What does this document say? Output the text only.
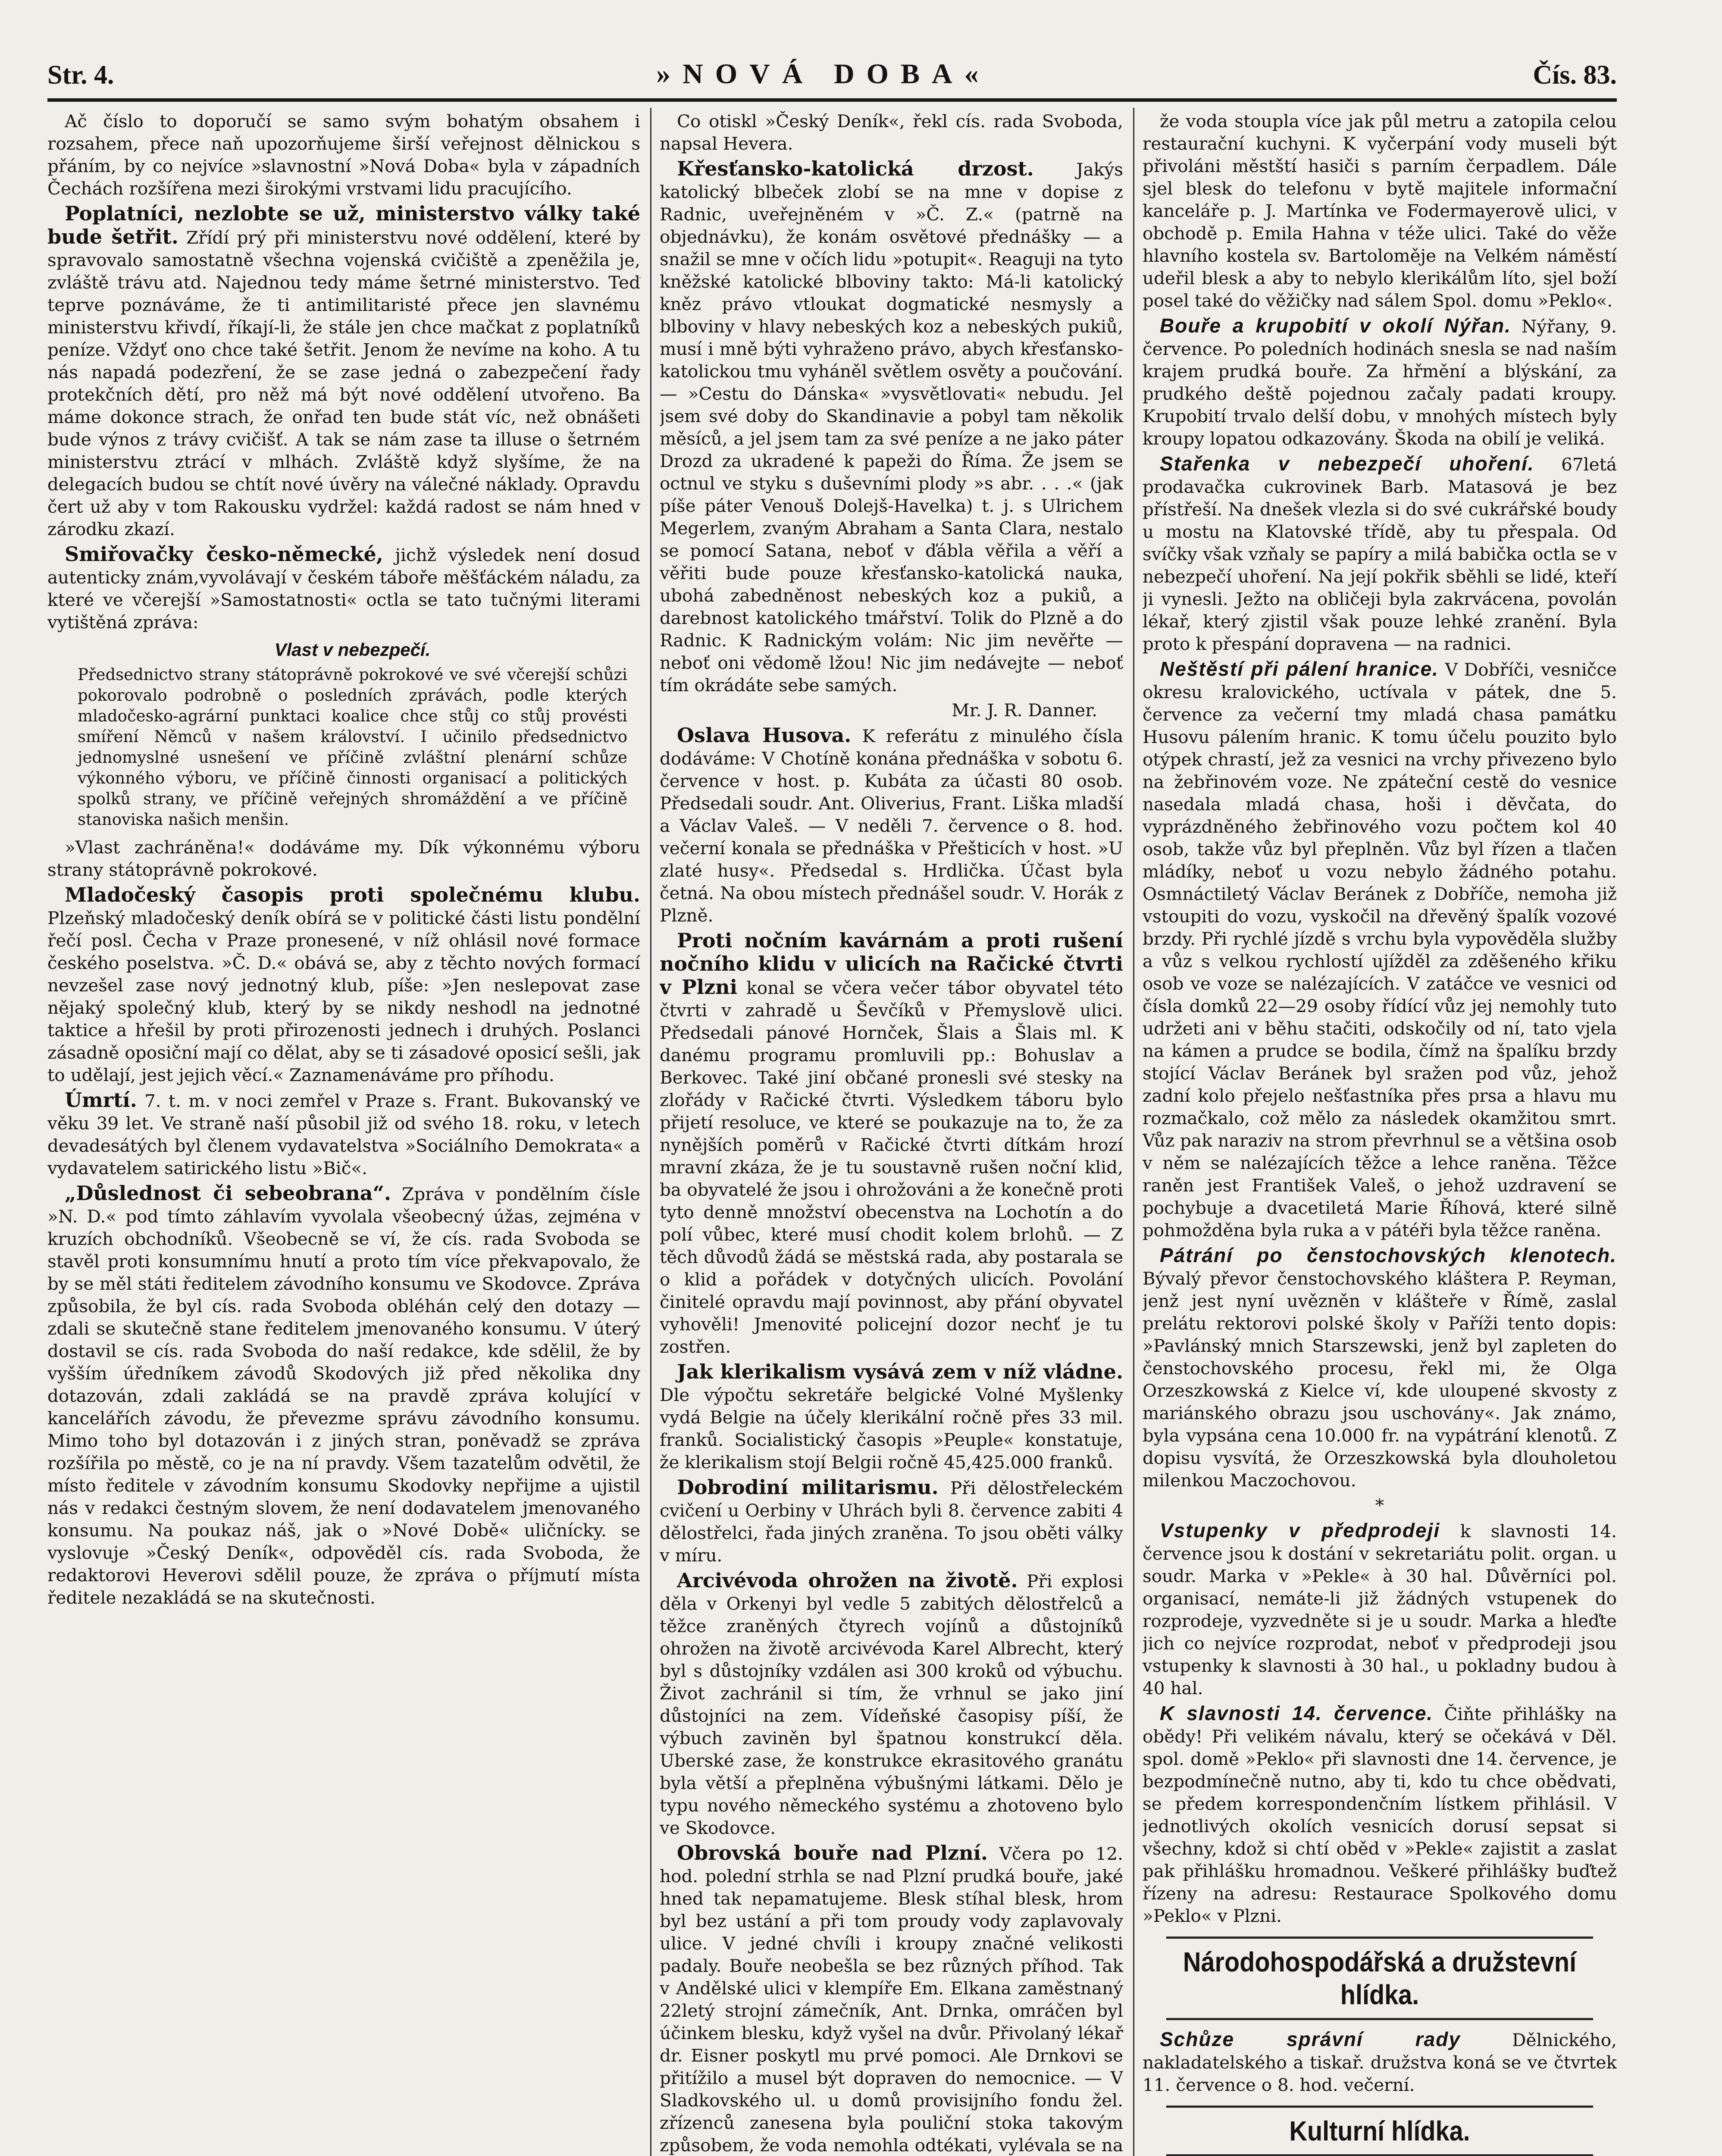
Str. 4.	»NOVÁ DOBA«	Čís. 83.

Ač číslo to doporučí se samo svým bohatým obsahem i rozsahem, přece naň upozorňujeme širší veřejnost dělnickou s přáním, by co nejvíce »slavnostní »Nová Doba« byla v západních Čechách rozšířena mezi širokými vrstvami lidu pracujícího.

Poplatníci, nezlobte se už, ministerstvo války také bude šetřit. Zřídí prý při ministerstvu nové oddělení, které by spravovalo samostatně všechna vojenská cvičiště a zpeněžila je, zvláště trávu atd. Najednou tedy máme šetrné ministerstvo. Teď teprve poznáváme, že ti antimilitaristé přece jen slavnému ministerstvu křivdí, říkají-li, že stále jen chce mačkat z poplatníků peníze. Vždyť ono chce také šetřit. Jenom že nevíme na koho. A tu nás napadá podezření, že se zase jedná o zabezpečení řady protekčních dětí, pro něž má být nové oddělení utvořeno. Ba máme dokonce strach, že onřad ten bude stát víc, než obnášeti bude výnos z trávy cvičišť. A tak se nám zase ta illuse o šetrném ministerstvu ztrácí v mlhách. Zvláště když slyšíme, že na delegacích budou se chtít nové úvěry na válečné náklady. Opravdu čert už aby v tom Rakousku vydržel: každá radost se nám hned v zárodku zkazí.

Smiřovačky česko-německé, jichž výsledek není dosud autenticky znám,vyvolávají v českém táboře měšťáckém náladu, za které ve včerejší »Samostatnosti« octla se tato tučnými literami vytištěná zpráva:

Vlast v nebezpečí.

Předsednictvo strany státoprávně pokrokové ve své včerejší schůzi pokorovalo podrobně o posledních zprávách, podle kterých mladočesko-agrární punktaci koalice chce stůj co stůj provésti smíření Němců v našem království. I učinilo předsednictvo jednomyslné usnešení ve příčině zvláštní plenární schůze výkonného výboru, ve příčině činnosti organisací a politických spolků strany, ve příčině veřejných shromáždění a ve příčině stanoviska našich menšin.

»Vlast zachráněna!« dodáváme my. Dík výkonnému výboru strany státoprávně pokrokové.

Mladočeský časopis proti společnému klubu. Plzeňský mladočeský deník obírá se v politické části listu pondělní řečí posl. Čecha v Praze pronesené, v níž ohlásil nové formace českého poselstva. »Č. D.« obává se, aby z těchto nových formací nevzešel zase nový jednotný klub, píše: »Jen neslepovat zase nějaký společný klub, který by se nikdy neshodl na jednotné taktice a hřešil by proti přirozenosti jednech i druhých. Poslanci zásadně oposiční mají co dělat, aby se ti zásadové oposicí sešli, jak to udělají, jest jejich věcí.« Zaznamenáváme pro příhodu.

Úmrtí. 7. t. m. v noci zemřel v Praze s. Frant. Bukovanský ve věku 39 let. Ve straně naší působil již od svého 18. roku, v letech devadesátých byl členem vydavatelstva »Sociálního Demokrata« a vydavatelem satirického listu »Bič«.

„Důslednost či sebeobrana“. Zpráva v pondělním čísle »N. D.« pod tímto záhlavím vyvolala všeobecný úžas, zejména v kruzích obchodníků. Všeobecně se ví, že cís. rada Svoboda se stavěl proti konsumnímu hnutí a proto tím více překvapovalo, že by se měl státi ředitelem závodního konsumu ve Skodovce. Zpráva způsobila, že byl cís. rada Svoboda obléhán celý den dotazy — zdali se skutečně stane ředitelem jmenovaného konsumu. V úterý dostavil se cís. rada Svoboda do naší redakce, kde sdělil, že by vyšším úředníkem závodů Skodových již před několika dny dotazován, zdali zakládá se na pravdě zpráva kolující v kancelářích závodu, že převezme správu závodního konsumu. Mimo toho byl dotazován i z jiných stran, poněvadž se zpráva rozšířila po městě, co je na ní pravdy. Všem tazatelům odvětil, že místo ředitele v závodním konsumu Skodovky nepřijme a ujistil nás v redakci čestným slovem, že není dodavatelem jmenovaného konsumu. Na poukaz náš, jak o »Nové Době« uličnícky. se vyslovuje »Český Deník«, odpověděl cís. rada Svoboda, že redaktorovi Heverovi sdělil pouze, že zpráva o příjmutí místa ředitele nezakládá se na skutečnosti.

Co otiskl »Český Deník«, řekl cís. rada Svoboda, napsal Hevera.

Křesťansko-katolická drzost. Jakýs katolický blbeček zlobí se na mne v dopise z Radnic, uveřejněném v »Č. Z.« (patrně na objednávku), že konám osvětové přednášky — a snažil se mne v očích lidu »potupit«. Reaguji na tyto kněžské katolické blboviny takto: Má-li katolický kněz právo vtloukat dogmatické nesmysly a blboviny v hlavy nebeských koz a nebeských pukiů, musí i mně býti vyhraženo právo, abych křesťansko-katolickou tmu vyháněl světlem osvěty a poučování. — »Cestu do Dánska« »vysvětlovati« nebudu. Jel jsem své doby do Skandinavie a pobyl tam několik měsíců, a jel jsem tam za své peníze a ne jako páter Drozd za ukradené k papeži do Říma. Že jsem se octnul ve styku s duševními plody »s abr. . . .« (jak píše páter Venouš Dolejš-Havelka) t. j. s Ulrichem Megerlem, zvaným Abraham a Santa Clara, nestalo se pomocí Satana, neboť v ďábla věřila a věří a věřiti bude pouze křesťansko-katolická nauka, ubohá zabedněnost nebeských koz a pukiů, a darebnost katolického tmářství. Tolik do Plzně a do Radnic. K Radnickým volám: Nic jim nevěřte — neboť oni vědomě lžou! Nic jim nedávejte — neboť tím okrádáte sebe samých.

Mr. J. R. Danner.

Oslava Husova. K referátu z minulého čísla dodáváme: V Chotíně konána přednáška v sobotu 6. července v host. p. Kubáta za účasti 80 osob. Předsedali soudr. Ant. Oliverius, Frant. Liška mladší a Václav Valeš. — V neděli 7. července o 8. hod. večerní konala se přednáška v Přešticích v host. »U zlaté husy«. Předsedal s. Hrdlička. Účast byla četná. Na obou místech přednášel soudr. V. Horák z Plzně.

Proti nočním kavárnám a proti rušení nočního klidu v ulicích na Račické čtvrti v Plzni konal se včera večer tábor obyvatel této čtvrti v zahradě u Ševčíků v Přemyslově ulici. Předsedali pánové Hornček, Šlais a Šlais ml. K danému programu promluvili pp.: Bohuslav a Berkovec. Také jiní občané pronesli své stesky na zlořády v Račické čtvrti. Výsledkem táboru bylo přijetí resoluce, ve které se poukazuje na to, že za nynějších poměrů v Račické čtvrti dítkám hrozí mravní zkáza, že je tu soustavně rušen noční klid, ba obyvatelé že jsou i ohrožováni a že konečně proti tyto denně množství obecenstva na Lochotín a do polí vůbec, které musí chodit kolem brlohů. — Z těch důvodů žádá se městská rada, aby postarala se o klid a pořádek v dotyčných ulicích. Povolání činitelé opravdu mají povinnost, aby přání obyvatel vyhověli! Jmenovité policejní dozor nechť je tu zostřen.

Jak klerikalism vysává zem v níž vládne. Dle výpočtu sekretáře belgické Volné Myšlenky vydá Belgie na účely klerikální ročně přes 33 mil. franků. Socialistický časopis »Peuple« konstatuje, že klerikalism stojí Belgii ročně 45,425.000 franků.

Dobrodiní militarismu. Při dělostřeleckém cvičení u Oerbiny v Uhrách byli 8. července zabiti 4 dělostřelci, řada jiných zraněna. To jsou oběti války v míru.

Arcivévoda ohrožen na životě. Při explosi děla v Orkenyi byl vedle 5 zabitých dělostřelců a těžce zraněných čtyrech vojínů a důstojníků ohrožen na životě arcivévoda Karel Albrecht, který byl s důstojníky vzdálen asi 300 kroků od výbuchu. Život zachránil si tím, že vrhnul se jako jiní důstojníci na zem. Vídeňské časopisy píší, že výbuch zaviněn byl špatnou konstrukcí děla. Uberské zase, že konstrukce ekrasitového granátu byla větší a přeplněna výbušnými látkami. Dělo je typu nového německého systému a zhotoveno bylo ve Skodovce.

Obrovská bouře nad Plzní. Včera po 12. hod. polední strhla se nad Plzní prudká bouře, jaké hned tak nepamatujeme. Blesk stíhal blesk, hrom byl bez ustání a při tom proudy vody zaplavovaly ulice. V jedné chvíli i kroupy značné velikosti padaly. Bouře neobešla se bez různých příhod. Tak v Andělské ulici v klempíře Em. Elkana zaměstnaný 22letý strojní zámečník, Ant. Drnka, omráčen byl účinkem blesku, když vyšel na dvůr. Přivolaný lékař dr. Eisner poskytl mu prvé pomoci. Ale Drnkovi se přitížilo a musel být dopraven do nemocnice. — V Sladkovského ul. u domů provisijního fondu žel. zřízenců zanesena byla pouliční stoka takovým způsobem, že voda nemohla odtékati, vylévala se na

že voda stoupla více jak půl metru a zatopila celou restaurační kuchyni. K vyčerpání vody museli být přivoláni městští hasiči s parním čerpadlem. Dále sjel blesk do telefonu v bytě majitele informační kanceláře p. J. Martínka ve Fodermayerově ulici, v obchodě p. Emila Hahna v téže ulici. Také do věže hlavního kostela sv. Bartoloměje na Velkém náměstí udeřil blesk a aby to nebylo klerikálům líto, sjel boží posel také do věžičky nad sálem Spol. domu »Peklo«.

Bouře a krupobití v okolí Nýřan. Nýřany, 9. července. Po poledních hodinách snesla se nad naším krajem prudká bouře. Za hřmění a blýskání, za prudkého deště pojednou začaly padati kroupy. Krupobití trvalo delší dobu, v mnohých místech byly kroupy lopatou odkazovány. Škoda na obilí je veliká.

Stařenka v nebezpečí uhoření. 67letá prodavačka cukrovinek Barb. Matasová je bez přístřeší. Na dnešek vlezla si do své cukrářské boudy u mostu na Klatovské třídě, aby tu přespala. Od svíčky však vzňaly se papíry a milá babička octla se v nebezpečí uhoření. Na její pokřik sběhli se lidé, kteří ji vynesli. Ježto na obličeji byla zakrvácena, povolán lékař, který zjistil však pouze lehké zranění. Byla proto k přespání dopravena — na radnici.

Neštěstí při pálení hranice. V Dobříči, vesničce okresu kralovického, uctívala v pátek, dne 5. července za večerní tmy mladá chasa památku Husovu pálením hranic. K tomu účelu pouzito bylo otýpek chrastí, jež za vesnici na vrchy přivezeno bylo na žebřinovém voze. Ne zpáteční cestě do vesnice nasedala mladá chasa, hoši i děvčata, do vyprázdněného žebřinového vozu počtem kol 40 osob, takže vůz byl přeplněn. Vůz byl řízen a tlačen mládíky, neboť u vozu nebylo žádného potahu. Osmnáctiletý Václav Beránek z Dobříče, nemoha již vstoupiti do vozu, vyskočil na dřevěný špalík vozové brzdy. Při rychlé jízdě s vrchu byla vypověděla služby a vůz s velkou rychlostí ujížděl za zděšeného křiku osob ve voze se nalézajících. V zatáčce ve vesnici od čísla domků 22—29 osoby řídící vůz jej nemohly tuto udržeti ani v běhu stačiti, odskočily od ní, tato vjela na kámen a prudce se bodila, čímž na špalíku brzdy stojící Václav Beránek byl sražen pod vůz, jehož zadní kolo přejelo nešťastníka přes prsa a hlavu mu rozmačkalo, což mělo za následek okamžitou smrt. Vůz pak naraziv na strom převrhnul se a většina osob v něm se nalézajících těžce a lehce raněna. Těžce raněn jest František Valeš, o jehož uzdravení se pochybuje a dvacetiletá Marie Říhová, které silně pohmožděna byla ruka a v pátéři byla těžce raněna.

Pátrání po čenstochovských klenotech. Bývalý převor čenstochovského kláštera P. Reyman, jenž jest nyní uvězněn v klášteře v Římě, zaslal prelátu rektorovi polské školy v Paříži tento dopis: »Pavlánský mnich Starszewski, jenž byl zapleten do čenstochovského procesu, řekl mi, že Olga Orzeszkowská z Kielce ví, kde uloupené skvosty z mariánského obrazu jsou uschovány«. Jak známo, byla vypsána cena 10.000 fr. na vypátrání klenotů. Z dopisu vysvítá, že Orzeszkowská byla dlouholetou milenkou Maczochovou.

*

Vstupenky v předprodeji k slavnosti 14. července jsou k dostání v sekretariátu polit. organ. u soudr. Marka v »Pekle« à 30 hal. Důvěrníci pol. organisací, nemáte-li již žádných vstupenek do rozprodeje, vyzvedněte si je u soudr. Marka a hleďte jich co nejvíce rozprodat, neboť v předprodeji jsou vstupenky k slavnosti à 30 hal., u pokladny budou à 40 hal.

K slavnosti 14. července. Čiňte přihlášky na obědy! Při velikém návalu, který se očekává v Děl. spol. domě »Peklo« při slavnosti dne 14. července, je bezpodmínečně nutno, aby ti, kdo tu chce obědvati, se předem korrespondenčním lístkem přihlásil. V jednotlivých okolích vesnicích dorusí sepsat si všechny, kdož si chtí oběd v »Pekle« zajistit a zaslat pak přihlášku hromadnou. Veškeré přihlášky buďtež řízeny na adresu: Restaurace Spolkového domu »Peklo« v Plzni.

Národohospodářská a družstevní hlídka.

Schůze správní rady	Dělnického, nakladatelského a tiskař. družstva koná se ve čtvrtek 11. července o 8. hod. večerní.

Kulturní hlídka.
